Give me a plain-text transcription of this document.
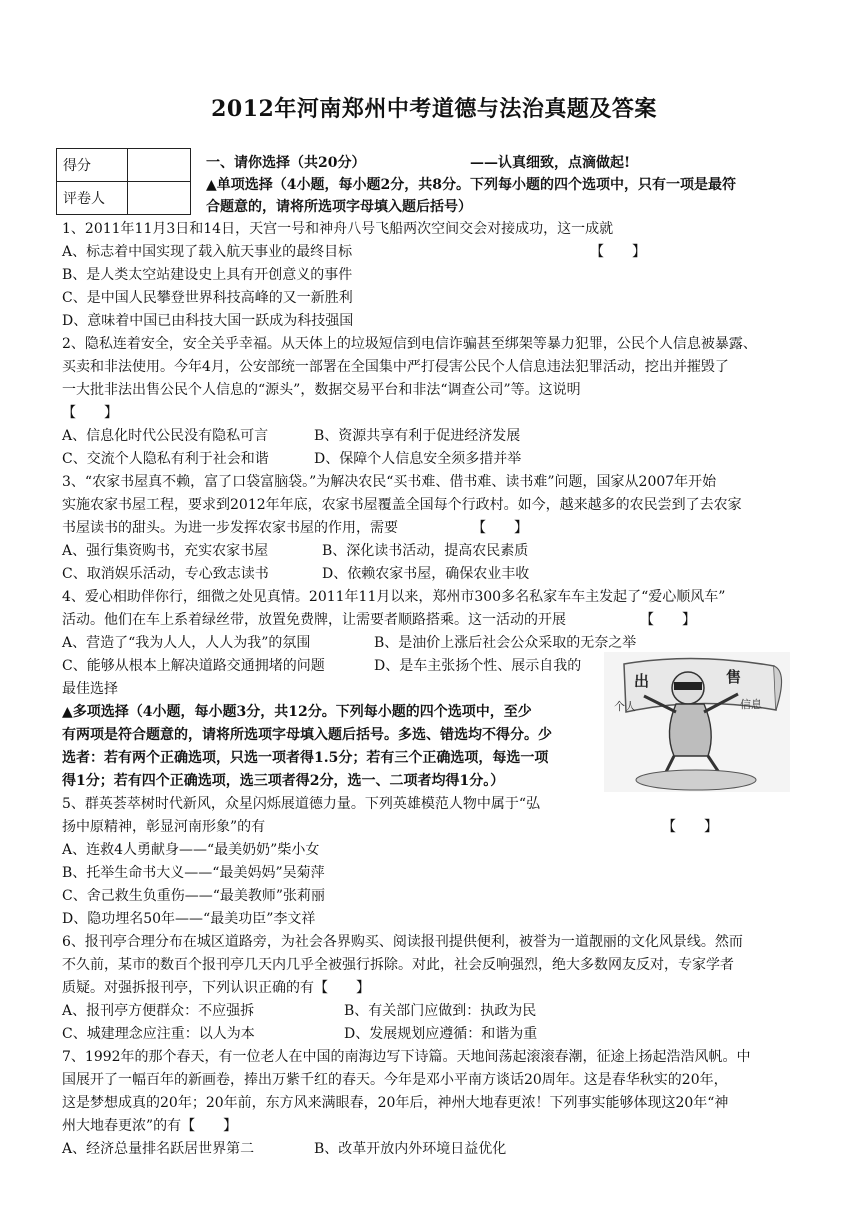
2012年河南郑州中考道德与法治真题及答案
得分	
评卷人	
一、请你选择（共20分）	——认真细致，点滴做起!
▲单项选择（4小题，每小题2分，共8分。下列每小题的四个选项中，只有一项是最符
合题意的，请将所选项字母填入题后括号）
1、2011年11月3日和14日，天宫一号和神舟八号飞船两次空间交会对接成功，这一成就
A、标志着中国实现了载入航天事业的最终目标	【　　】
B、是人类太空站建设史上具有开创意义的事件
C、是中国人民攀登世界科技高峰的又一新胜利
D、意味着中国已由科技大国一跃成为科技强国
2、隐私连着安全，安全关乎幸福。从天体上的垃圾短信到电信诈骗甚至绑架等暴力犯罪，公民个人信息被暴露、
买卖和非法使用。今年4月，公安部统一部署在全国集中严打侵害公民个人信息违法犯罪活动，挖出并摧毁了
一大批非法出售公民个人信息的“源头”，数据交易平台和非法“调查公司”等。这说明
【　　】
A、信息化时代公民没有隐私可言	B、资源共享有利于促进经济发展
C、交流个人隐私有利于社会和谐	D、保障个人信息安全须多措并举
3、“农家书屋真不赖，富了口袋富脑袋。”为解决农民“买书难、借书难、读书难”问题，国家从2007年开始
实施农家书屋工程，要求到2012年年底，农家书屋覆盖全国每个行政村。如今，越来越多的农民尝到了去农家
书屋读书的甜头。为进一步发挥农家书屋的作用，需要	【　　】
A、强行集资购书，充实农家书屋	B、深化读书活动，提高农民素质
C、取消娱乐活动，专心致志读书	D、依赖农家书屋，确保农业丰收
4、爱心相助伴你行，细微之处见真情。2011年11月以来，郑州市300多名私家车车主发起了“爱心顺风车”
活动。他们在车上系着绿丝带，放置免费牌，让需要者顺路搭乘。这一活动的开展	【　　】
A、营造了“我为人人，人人为我”的氛围	B、是油价上涨后社会公众采取的无奈之举
C、能够从根本上解决道路交通拥堵的问题	D、是车主张扬个性、展示自我的
最佳选择
▲多项选择（4小题，每小题3分，共12分。下列每小题的四个选项中，至少
有两项是符合题意的，请将所选项字母填入题后括号。多选、错选均不得分。少
选者：若有两个正确选项，只选一项者得1.5分；若有三个正确选项，每选一项
得1分；若有四个正确选项，选三项者得2分，选一、二项者均得1分。）
出	售
个人	信息
5、群英荟萃树时代新风，众星闪烁展道德力量。下列英雄模范人物中属于“弘
扬中原精神，彰显河南形象”的有	【　　】
A、连救4人勇献身——“最美奶奶”柴小女
B、托举生命书大义——“最美妈妈”吴菊萍
C、舍己救生负重伤——“最美教师”张莉丽
D、隐功埋名50年——“最美功臣”李文祥
6、报刊亭合理分布在城区道路旁，为社会各界购买、阅读报刊提供便利，被誉为一道靓丽的文化风景线。然而
不久前，某市的数百个报刊亭几天内几乎全被强行拆除。对此，社会反响强烈，绝大多数网友反对，专家学者
质疑。对强拆报刊亭，下列认识正确的有【　　】
A、报刊亭方便群众：不应强拆	B、有关部门应做到：执政为民
C、城建理念应注重：以人为本	D、发展规划应遵循：和谐为重
7、1992年的那个春天，有一位老人在中国的南海边写下诗篇。天地间荡起滚滚春潮，征途上扬起浩浩风帆。中
国展开了一幅百年的新画卷，捧出万紫千红的春天。今年是邓小平南方谈话20周年。这是春华秋实的20年，
这是梦想成真的20年；20年前，东方风来满眼春，20年后，神州大地春更浓！下列事实能够体现这20年“神
州大地春更浓”的有【　　】
A、经济总量排名跃居世界第二	B、改革开放内外环境日益优化
